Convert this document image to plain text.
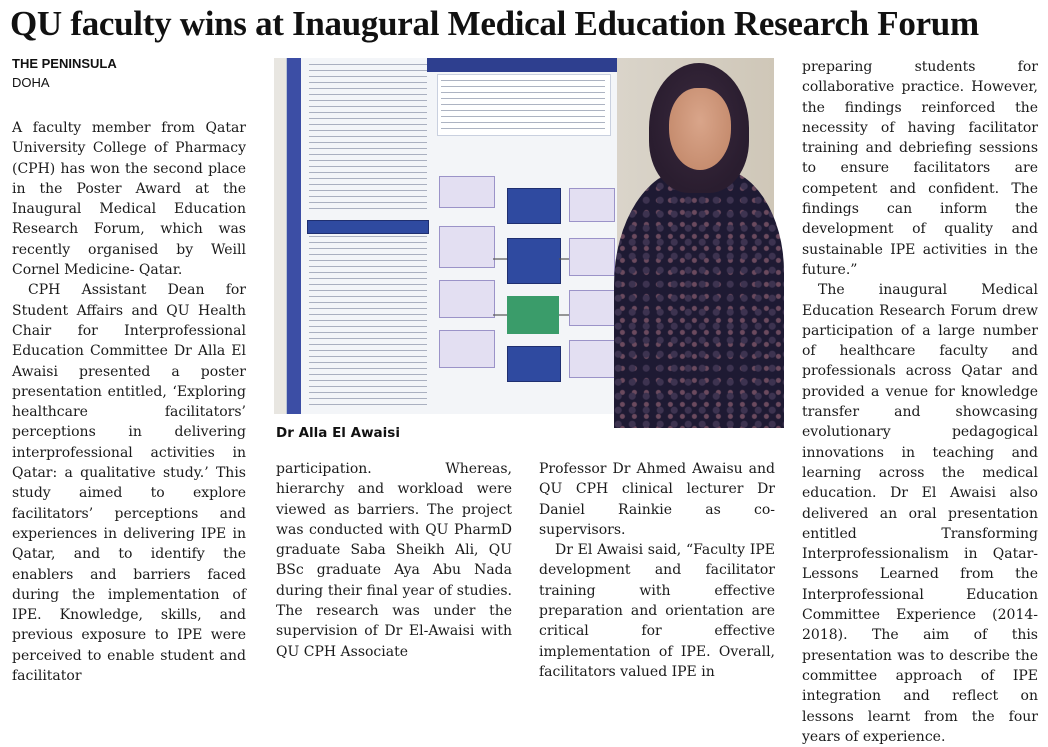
QU faculty wins at Inaugural Medical Education Research Forum
THE PENINSULA
DOHA

A faculty member from Qatar University College of Pharmacy (CPH) has won the second place in the Poster Award at the Inaugural Medical Education Research Forum, which was recently organised by Weill Cornel Medicine- Qatar.

CPH Assistant Dean for Student Affairs and QU Health Chair for Interprofessional Education Committee Dr Alla El Awaisi presented a poster presentation entitled, ‘Exploring healthcare facilitators’ perceptions in delivering interprofessional activities in Qatar: a qualitative study.’ This study aimed to explore facilitators’ perceptions and experiences in delivering IPE in Qatar, and to identify the enablers and barriers faced during the implementation of IPE. Knowledge, skills, and previous exposure to IPE were perceived to enable student and facilitator

Dr Alla El Awaisi

participation. Whereas, hierarchy and workload were viewed as barriers. The project was conducted with QU PharmD graduate Saba Sheikh Ali, QU BSc graduate Aya Abu Nada during their final year of studies. The research was under the supervision of Dr El-Awaisi with QU CPH Associate

Professor Dr Ahmed Awaisu and QU CPH clinical lecturer Dr Daniel Rainkie as co-supervisors.

Dr El Awaisi said, “Faculty IPE development and facilitator training with effective preparation and orientation are critical for effective implementation of IPE. Overall, facilitators valued IPE in

preparing students for collaborative practice. However, the findings reinforced the necessity of having facilitator training and debriefing sessions to ensure facilitators are competent and confident. The findings can inform the development of quality and sustainable IPE activities in the future.”

The inaugural Medical Education Research Forum drew participation of a large number of healthcare faculty and professionals across Qatar and provided a venue for knowledge transfer and showcasing evolutionary pedagogical innovations in teaching and learning across the medical education. Dr El Awaisi also delivered an oral presentation entitled Transforming Interprofessionalism in Qatar- Lessons Learned from the Interprofessional Education Committee Experience (2014-2018). The aim of this presentation was to describe the committee approach of IPE integration and reflect on lessons learnt from the four years of experience.
